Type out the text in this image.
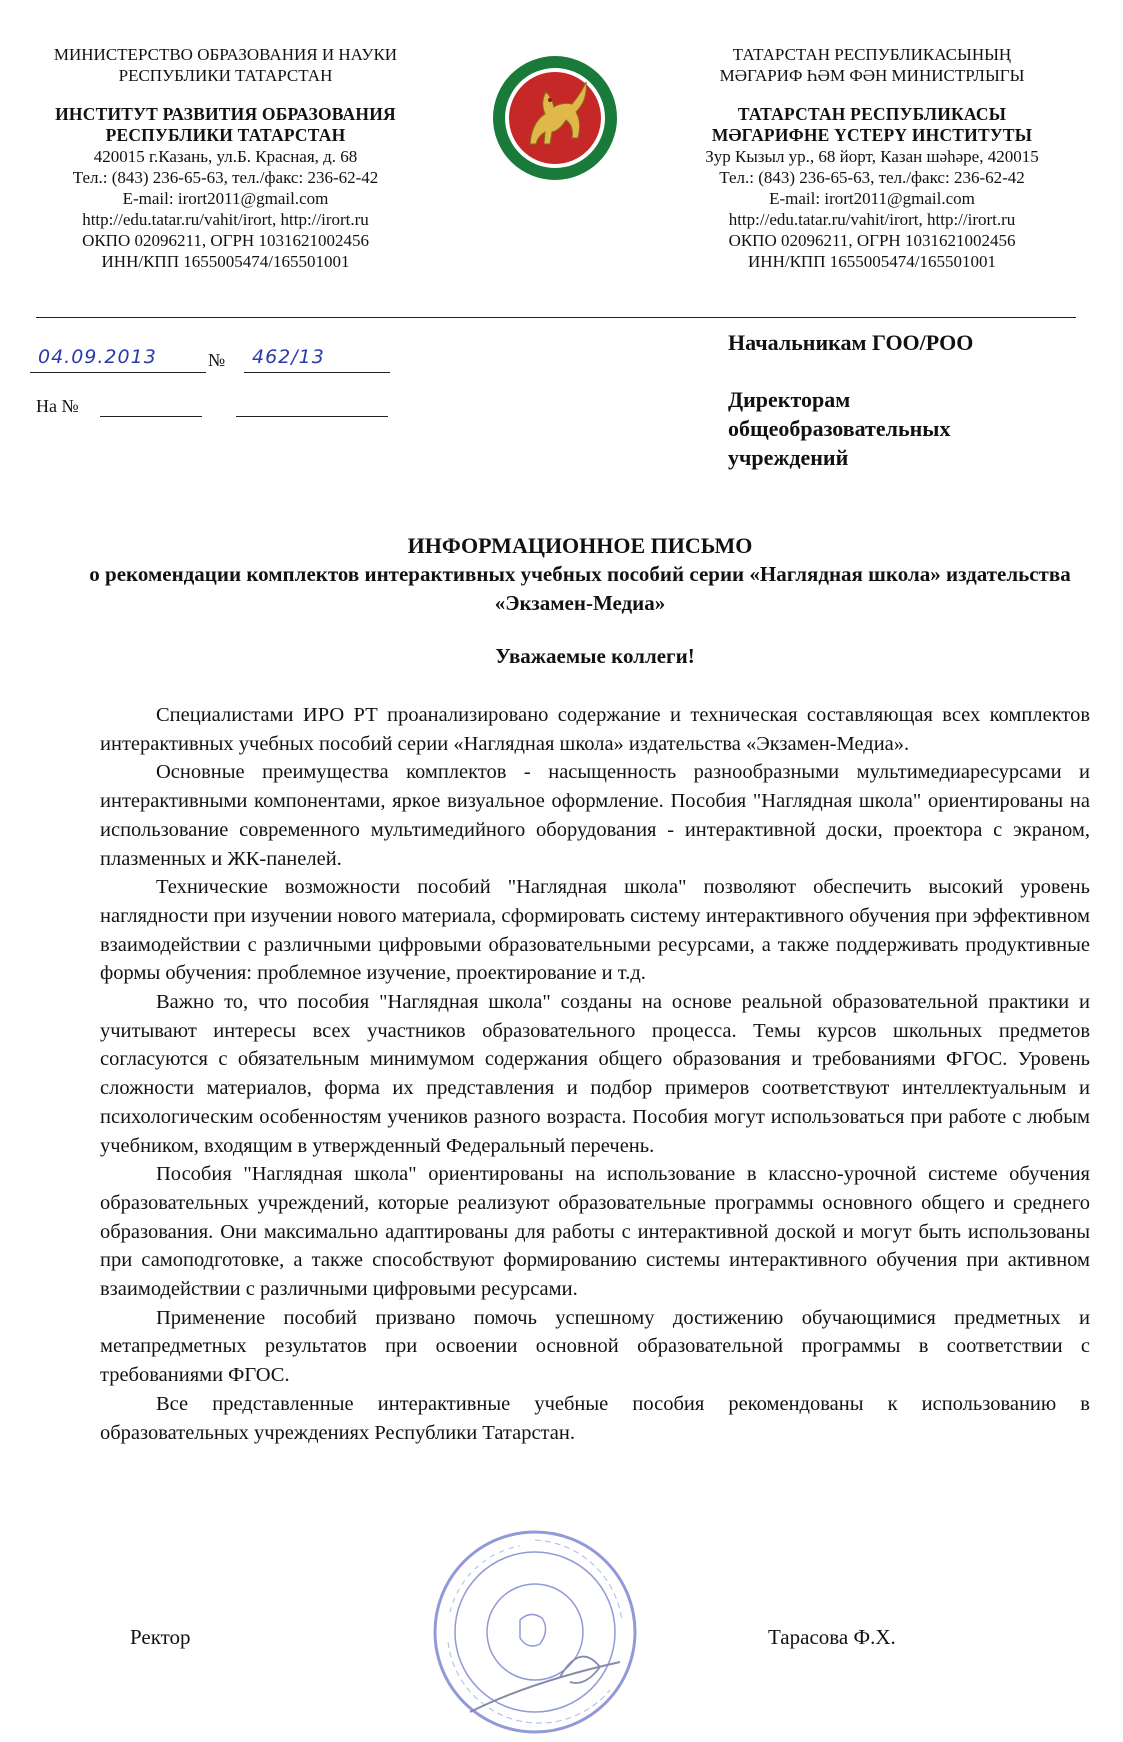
МИНИСТЕРСТВО ОБРАЗОВАНИЯ И НАУКИ
РЕСПУБЛИКИ ТАТАРСТАН
ИНСТИТУТ РАЗВИТИЯ ОБРАЗОВАНИЯ
РЕСПУБЛИКИ ТАТАРСТАН
420015 г.Казань, ул.Б. Красная, д. 68
Тел.: (843) 236-65-63, тел./факс: 236-62-42
E-mail: irort2011@gmail.com
http://edu.tatar.ru/vahit/irort, http://irort.ru
ОКПО 02096211, ОГРН 1031621002456
ИНН/КПП 1655005474/165501001
ТАТАРСТАН РЕСПУБЛИКАСЫНЫҢ
МӘГАРИФ ҺӘМ ФӘН МИНИСТРЛЫГЫ
ТАТАРСТАН РЕСПУБЛИКАСЫ
МӘГАРИФНЕ ҮСТЕРҮ ИНСТИТУТЫ
Зур Кызыл ур., 68 йорт, Казан шәһәре, 420015
Тел.: (843) 236-65-63, тел./факс: 236-62-42
E-mail: irort2011@gmail.com
http://edu.tatar.ru/vahit/irort, http://irort.ru
ОКПО 02096211, ОГРН 1031621002456
ИНН/КПП 1655005474/165501001
04.09.2013	№ 462/13
На №
Начальникам ГОО/РОО
Директорам
общеобразовательных
учреждений
ИНФОРМАЦИОННОЕ ПИСЬМО
о рекомендации комплектов интерактивных учебных пособий серии «Наглядная школа» издательства «Экзамен-Медиа»
Уважаемые коллеги!

Специалистами ИРО РТ проанализировано содержание и техническая составляющая всех комплектов интерактивных учебных пособий серии «Наглядная школа» издательства «Экзамен-Медиа».

Основные преимущества комплектов - насыщенность разнообразными мультимедиаресурсами и интерактивными компонентами, яркое визуальное оформление. Пособия "Наглядная школа" ориентированы на использование современного мультимедийного оборудования - интерактивной доски, проектора с экраном, плазменных и ЖК-панелей.

Технические возможности пособий "Наглядная школа" позволяют обеспечить высокий уровень наглядности при изучении нового материала, сформировать систему интерактивного обучения при эффективном взаимодействии с различными цифровыми образовательными ресурсами, а также поддерживать продуктивные формы обучения: проблемное изучение, проектирование и т.д.

Важно то, что пособия "Наглядная школа" созданы на основе реальной образовательной практики и учитывают интересы всех участников образовательного процесса. Темы курсов школьных предметов согласуются с обязательным минимумом содержания общего образования и требованиями ФГОС. Уровень сложности материалов, форма их представления и подбор примеров соответствуют интеллектуальным и психологическим особенностям учеников разного возраста. Пособия могут использоваться при работе с любым учебником, входящим в утвержденный Федеральный перечень.

Пособия "Наглядная школа" ориентированы на использование в классно-урочной системе обучения образовательных учреждений, которые реализуют образовательные программы основного общего и среднего образования. Они максимально адаптированы для работы с интерактивной доской и могут быть использованы при самоподготовке, а также способствуют формированию системы интерактивного обучения при активном взаимодействии с различными цифровыми ресурсами.

Применение пособий призвано помочь успешному достижению обучающимися предметных и метапредметных результатов при освоении основной образовательной программы в соответствии с требованиями ФГОС.

Все представленные интерактивные учебные пособия рекомендованы к использованию в образовательных учреждениях Республики Татарстан.

Ректор	Тарасова Ф.Х.
